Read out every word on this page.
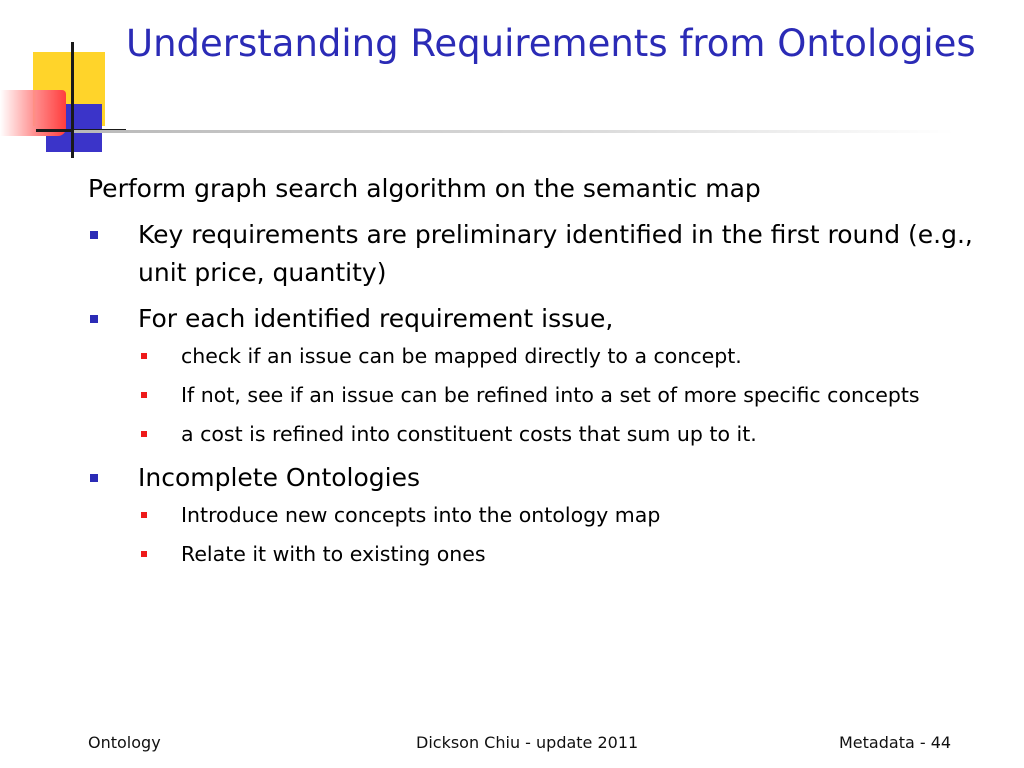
Understanding Requirements from Ontologies

Perform graph search algorithm on the semantic map

Key requirements are preliminary identified in the first round (e.g., unit price, quantity)
For each identified requirement issue,
check if an issue can be mapped directly to a concept.
If not, see if an issue can be refined into a set of more specific concepts
a cost is refined into constituent costs that sum up to it.
Incomplete Ontologies
Introduce new concepts into the ontology map
Relate it with to existing ones
Ontology	Dickson Chiu - update 2011	Metadata - 44
